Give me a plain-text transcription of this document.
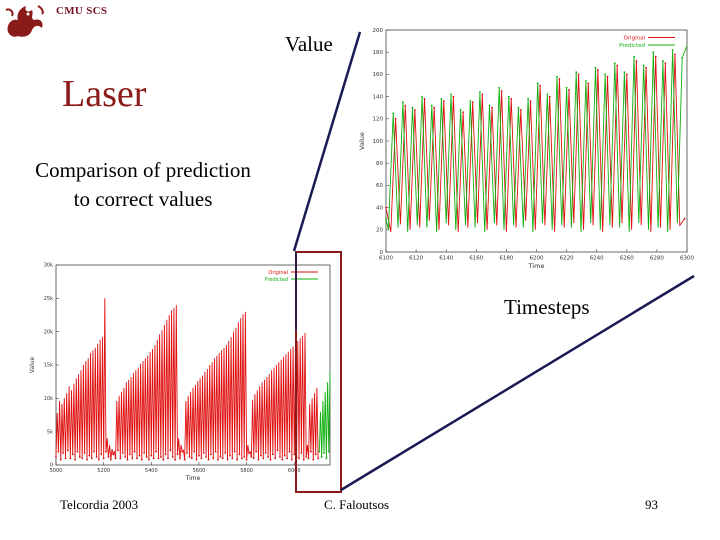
CMU SCS
Laser
Comparison of prediction
to correct values
Value
Timesteps
5000	5200	5400	5600	5800	6000
0
5k
10k
15k
20k
25k
30k
Time
Value
Original
Predicted
6100	6120	6140	6160	6180	6200	6220	6240	6260	6280	6300
0
20
40
60
80
100
120
140
160
180
200
Time
Value
Original
Predicted
Telcordia 2003	C. Faloutsos	93
